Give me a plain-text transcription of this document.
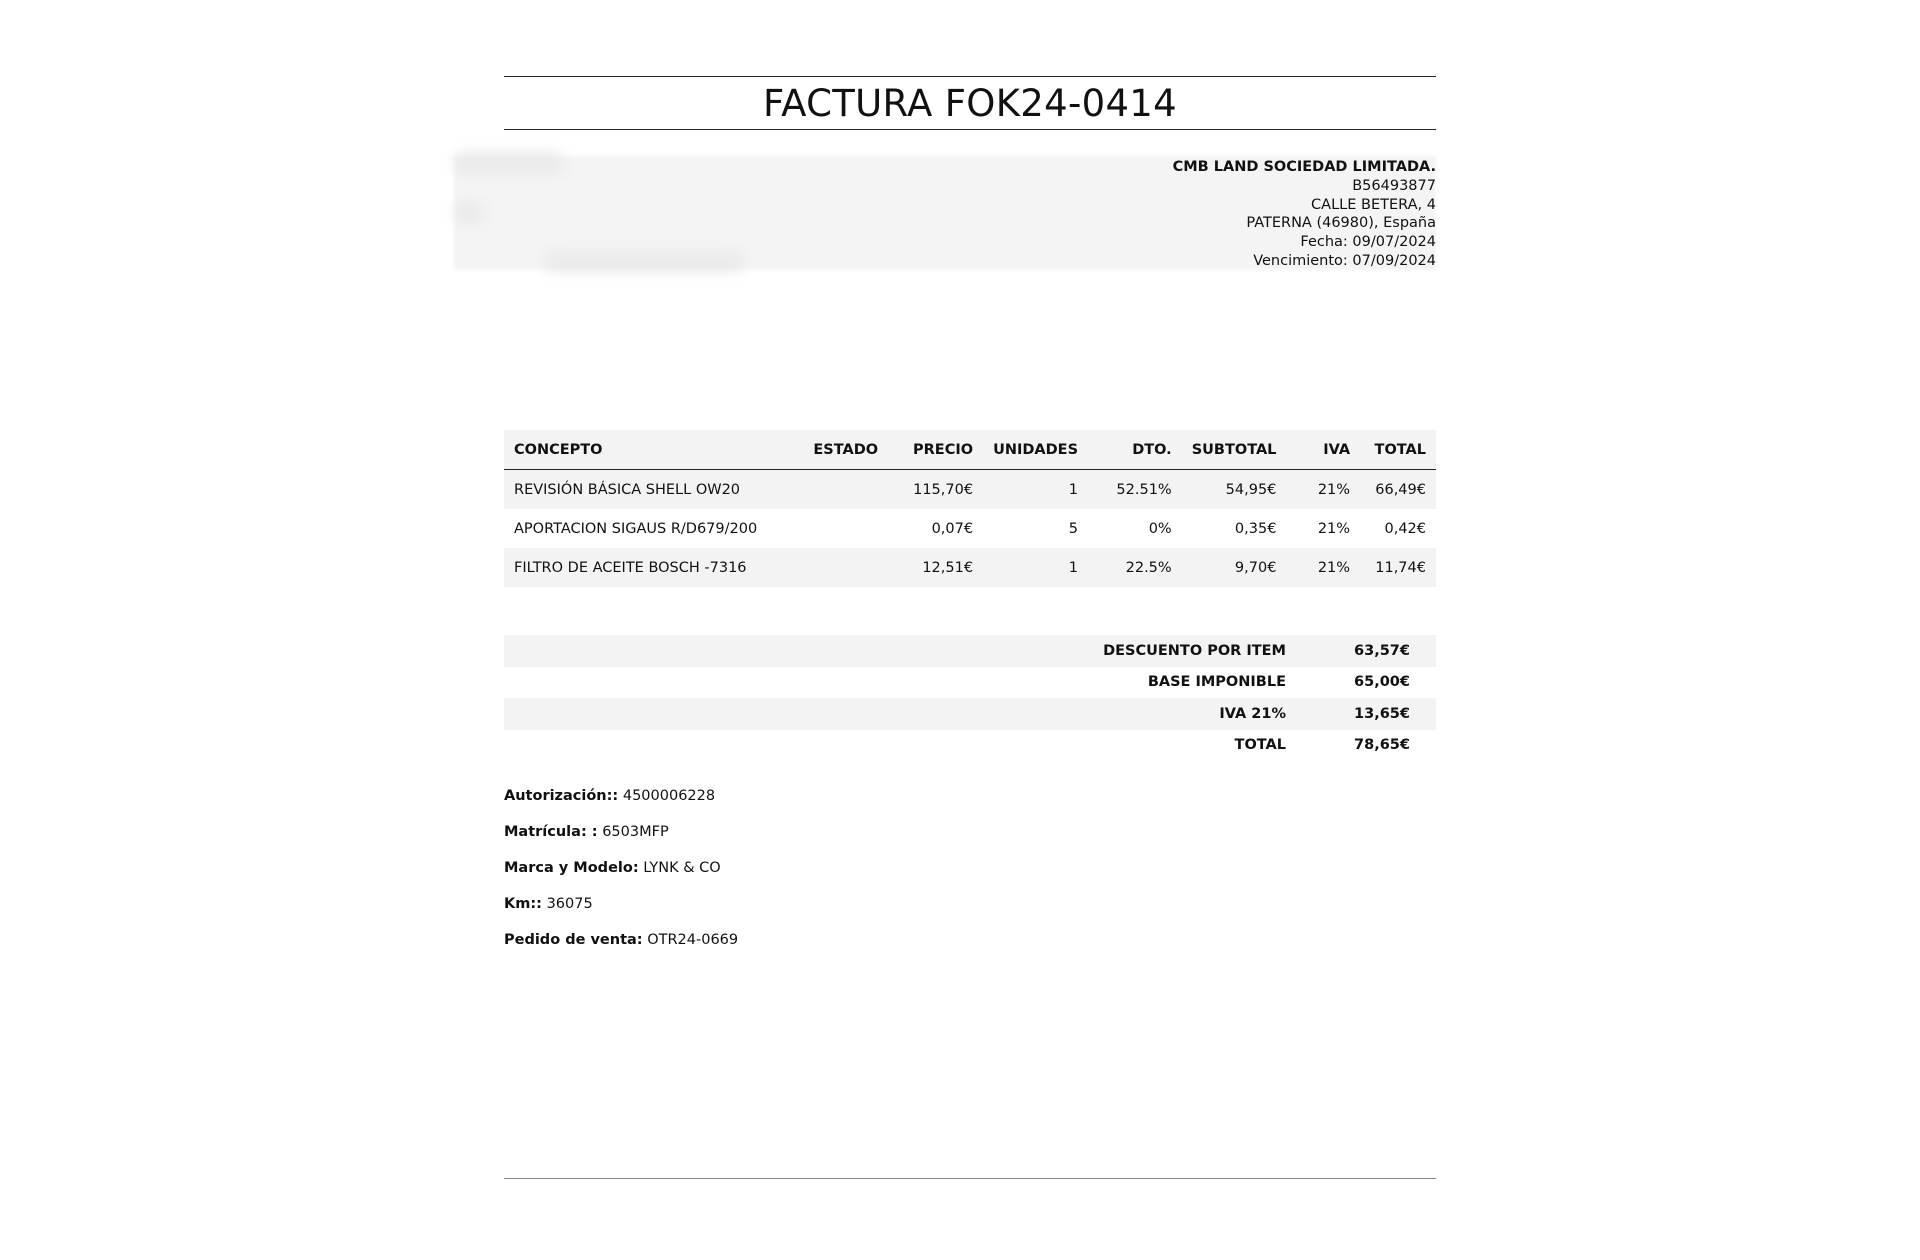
FACTURA FOK24-0414
CMB LAND SOCIEDAD LIMITADA.
B56493877
CALLE BETERA, 4
PATERNA (46980), España
Fecha: 09/07/2024
Vencimiento: 07/09/2024
CONCEPTO	ESTADO	PRECIO	UNIDADES	DTO.	SUBTOTAL	IVA	TOTAL
REVISIÓN BÁSICA SHELL OW20		115,70€	1	52.51%	54,95€	21%	66,49€
APORTACION SIGAUS R/D679/200		0,07€	5	0%	0,35€	21%	0,42€
FILTRO DE ACEITE BOSCH -7316		12,51€	1	22.5%	9,70€	21%	11,74€
DESCUENTO POR ITEM	63,57€
BASE IMPONIBLE	65,00€
IVA 21%	13,65€
TOTAL	78,65€
Autorización:: 4500006228
Matrícula: : 6503MFP
Marca y Modelo: LYNK & CO
Km:: 36075
Pedido de venta: OTR24-0669
